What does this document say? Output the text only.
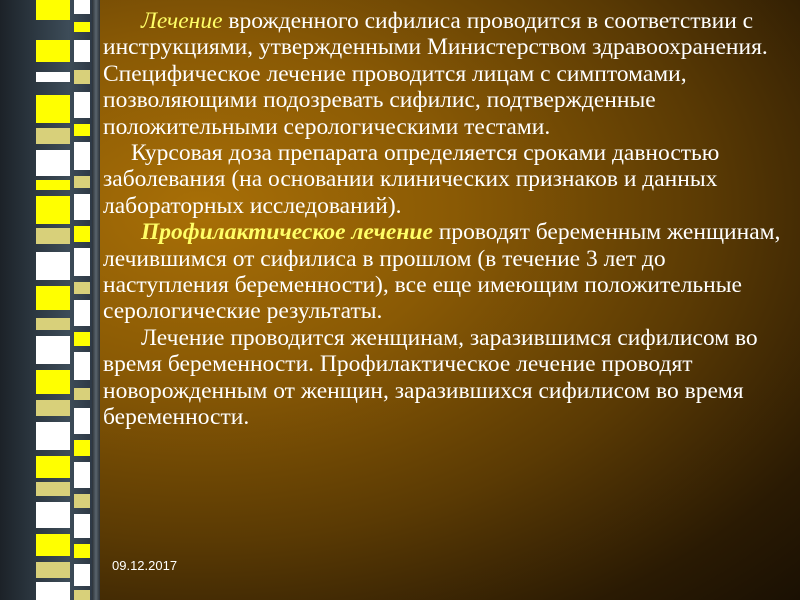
Лечение врожденного сифилиса проводится в соответствии с инструкциями, утвержденными Министерством здравоохранения. Специфическое лечение проводится лицам с симптомами, позволяющими подозревать сифилис, подтвержденные положительными серологическими тестами.

Курсовая доза препарата определяется сроками давностью заболевания (на основании клинических признаков и данных лабораторных исследований).

Профилактическое лечение проводят беременным женщинам, лечившимся от сифилиса в прошлом (в течение 3 лет до наступления беременности), все еще имеющим положительные серологические результаты.

Лечение проводится женщинам, заразившимся сифилисом во время беременности. Профилактическое лечение проводят новорожденным от женщин, заразившихся сифилисом во время беременности.

09.12.2017
